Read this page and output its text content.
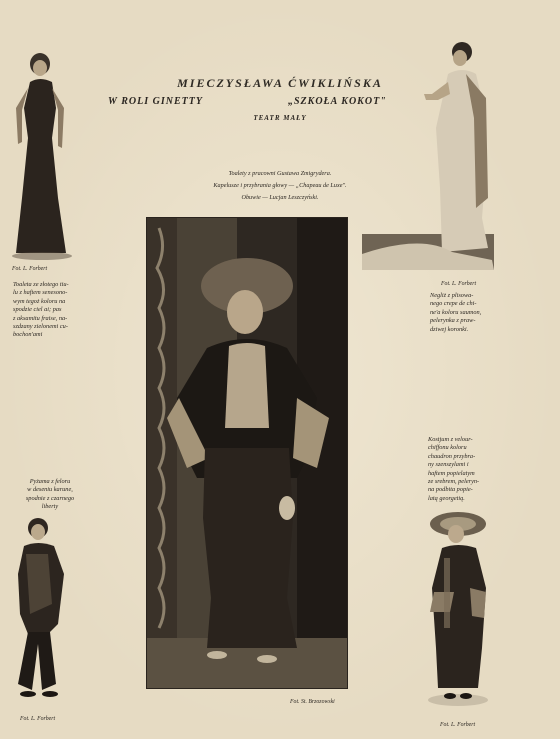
MIECZYSŁAWA ĆWIKLIŃSKA
W ROLI GINETTY	„SZKOŁA KOKOT"
TEATR MAŁY
Toalety z pracowni Gustawa Zmigrydera.
Kapelusze i przybrania głowy — „Chapeau de Luxe".
Obuwie — Lucjan Leszczyński.
Fot. L. Forbert
Toaleta ze złotego tiu-
lu z haftem senesono-
wym tegoż koloru na
spodzie ciel ai; pas
z aksamitu fraise, na-
szdzany zielonemi cu-
bochon'ami
Fot. L. Forbert
Negliż z plisowa-
nego crepe de chi-
ne'a koloru saumon,
pelerynka z praw-
dziwej koronki.
Fot. St. Brzozowski
Kostjum z velour-
chiffonu koloru
chaudron przybra-
ny szenszylami i
haftem popielatym
ze srebrem, peleryn-
na podbita popie-
latą georgetią.
Pyżama z feloru
w deseniu karune,
spodnie z czarnego
liberty
Fot. L. Forbert
Fot. L. Forbert
